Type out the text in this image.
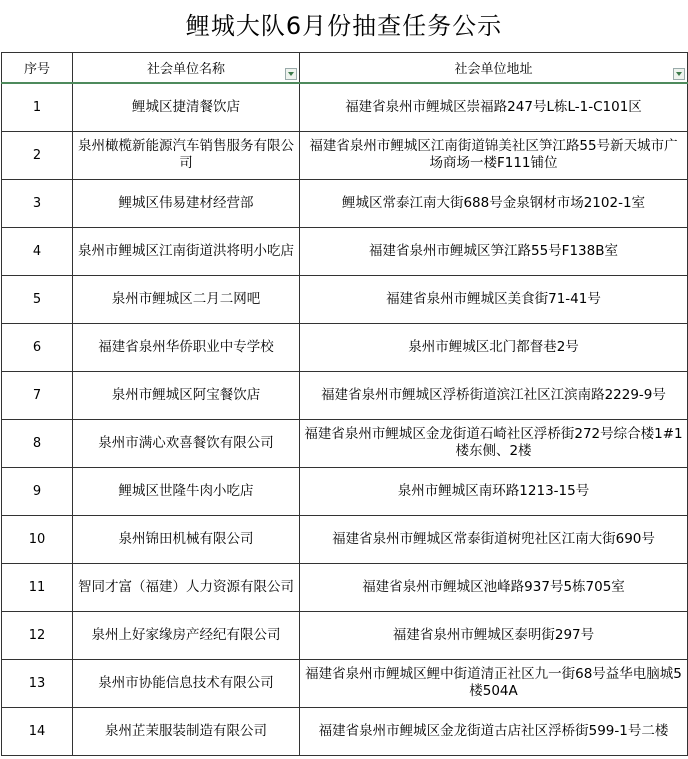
鲤城大队6月份抽查任务公示
序号	社会单位名称	社会单位地址

1	鲤城区捷清餐饮店	福建省泉州市鲤城区崇福路247号L栋L-1-C101区
2	泉州橄榄新能源汽车销售服务有限公司	福建省泉州市鲤城区江南街道锦美社区笋江路55号新天城市广场商场一楼F111铺位
3	鲤城区伟易建材经营部	鲤城区常泰江南大街688号金泉钢材市场2102-1室
4	泉州市鲤城区江南街道洪将明小吃店	福建省泉州市鲤城区笋江路55号F138B室
5	泉州市鲤城区二月二网吧	福建省泉州市鲤城区美食街71-41号
6	福建省泉州华侨职业中专学校	泉州市鲤城区北门都督巷2号
7	泉州市鲤城区阿宝餐饮店	福建省泉州市鲤城区浮桥街道滨江社区江滨南路2229-9号
8	泉州市满心欢喜餐饮有限公司	福建省泉州市鲤城区金龙街道石崎社区浮桥街272号综合楼1#1楼东侧、2楼
9	鲤城区世隆牛肉小吃店	泉州市鲤城区南环路1213-15号
10	泉州锦田机械有限公司	福建省泉州市鲤城区常泰街道树兜社区江南大街690号
11	智同才富（福建）人力资源有限公司	福建省泉州市鲤城区池峰路937号5栋705室
12	泉州上好家缘房产经纪有限公司	福建省泉州市鲤城区泰明街297号
13	泉州市协能信息技术有限公司	福建省泉州市鲤城区鲤中街道清正社区九一街68号益华电脑城5楼504A
14	泉州芷茉服装制造有限公司	福建省泉州市鲤城区金龙街道古店社区浮桥街599-1号二楼
